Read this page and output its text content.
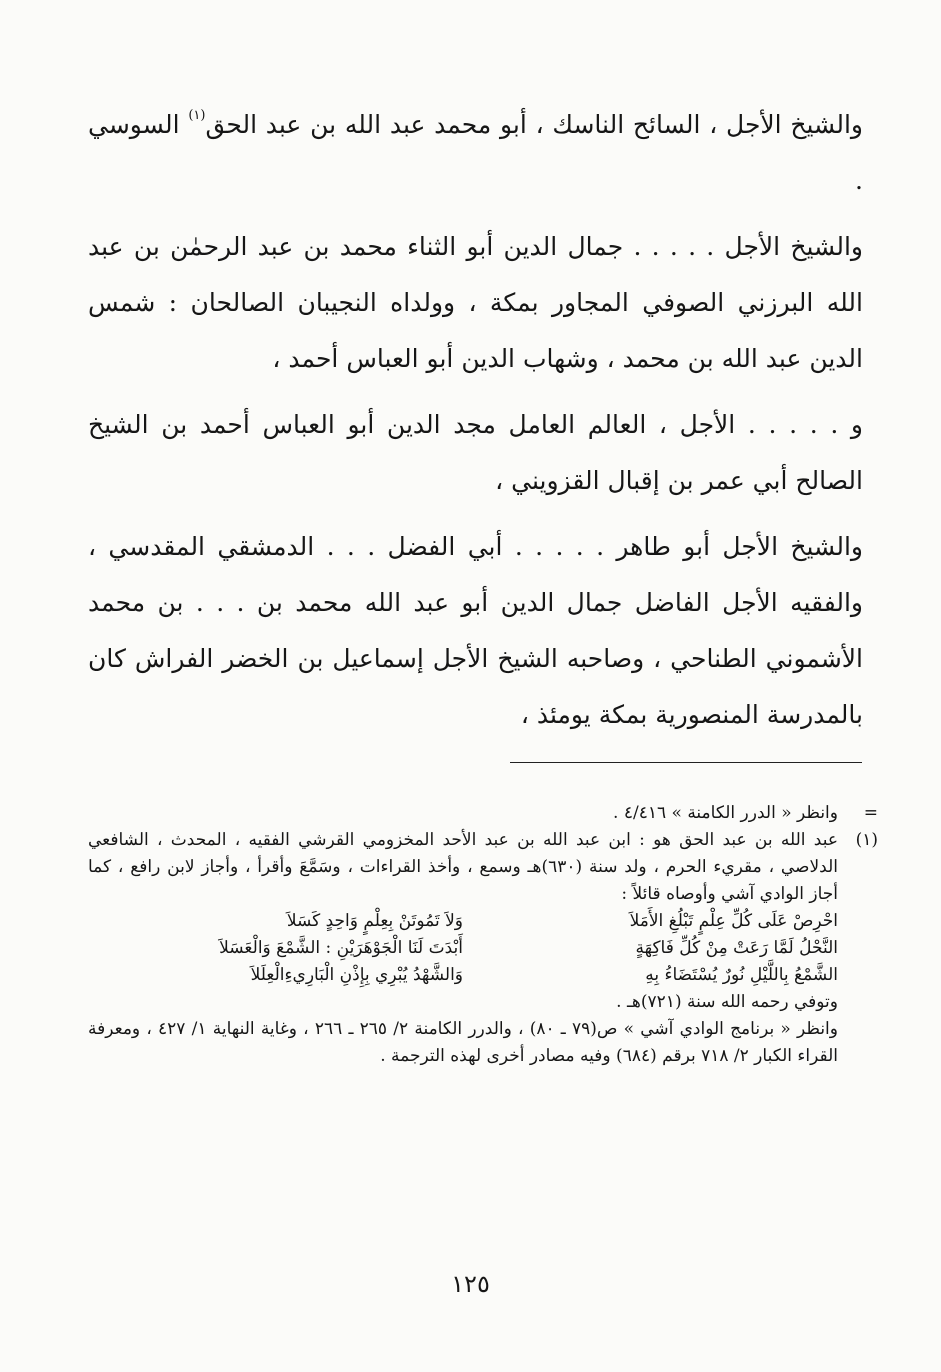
والشيخ الأجل ، السائح الناسك ، أبو محمد عبد الله بن عبد الحق$^{(١)}$ السوسي .

والشيخ الأجل . . . . . جمال الدين أبو الثناء محمد بن عبد الرحمٰن بن عبد الله البرزني الصوفي المجاور بمكة ، وولداه النجيبان الصالحان : شمس الدين عبد الله بن محمد ، وشهاب الدين أبو العباس أحمد ،

و . . . . . الأجل ، العالم العامل مجد الدين أبو العباس أحمد بن الشيخ الصالح أبي عمر بن إقبال القزويني ،

والشيخ الأجل أبو طاهر . . . . . أبي الفضل . . . الدمشقي المقدسي ، والفقيه الأجل الفاضل جمال الدين أبو عبد الله محمد بن . . . بن محمد الأشموني الطناحي ، وصاحبه الشيخ الأجل إسماعيل بن الخضر الفراش كان بالمدرسة المنصورية بمكة يومئذ ،

=
وانظر « الدرر الكامنة » ٤/٤١٦ .
(١)
عبد الله بن عبد الحق هو : ابن عبد الله بن عبد الأحد المخزومي القرشي الفقيه ، المحدث ، الشافعي الدلاصي ، مقريء الحرم ، ولد سنة (٦٣٠)هـ وسمع ، وأخذ القراءات ، وسَمَّعَ وأقرأ ، وأجاز لابن رافع ، كما أجاز الوادي آشي وأوصاه قائلاً :
احْرِصْ عَلَى كُلِّ عِلْمٍ تَبْلُغِ الأَمَلاَ
وَلاَ تَمُوتَنْ بِعِلْمٍ وَاحِدٍ كَسَلاَ
النَّحْلُ لَمَّا رَعَتْ مِنْ كُلِّ فَاكِهَةٍ
أَبْدَتَ لَنَا الْجَوْهَرَيْنِ : الشَّمْعَ وَالْعَسَلاَ
الشَّمْعُ بِاللَّيْلِ نُورٌ يُسْتَضَاءُ بِهِ
وَالشَّهْدُ يُبْرِي بِإِذْنِ الْبَارِيءِالْعِلَلاَ
وتوفي رحمه الله سنة (٧٢١)هـ .
وانظر « برنامج الوادي آشي » ص(٧٩ ـ ٨٠) ، والدرر الكامنة ٢/ ٢٦٥ ـ ٢٦٦ ، وغاية النهاية ١/ ٤٢٧ ، ومعرفة القراء الكبار ٢/ ٧١٨ برقم (٦٨٤) وفيه مصادر أخرى لهذه الترجمة .
١٢٥
